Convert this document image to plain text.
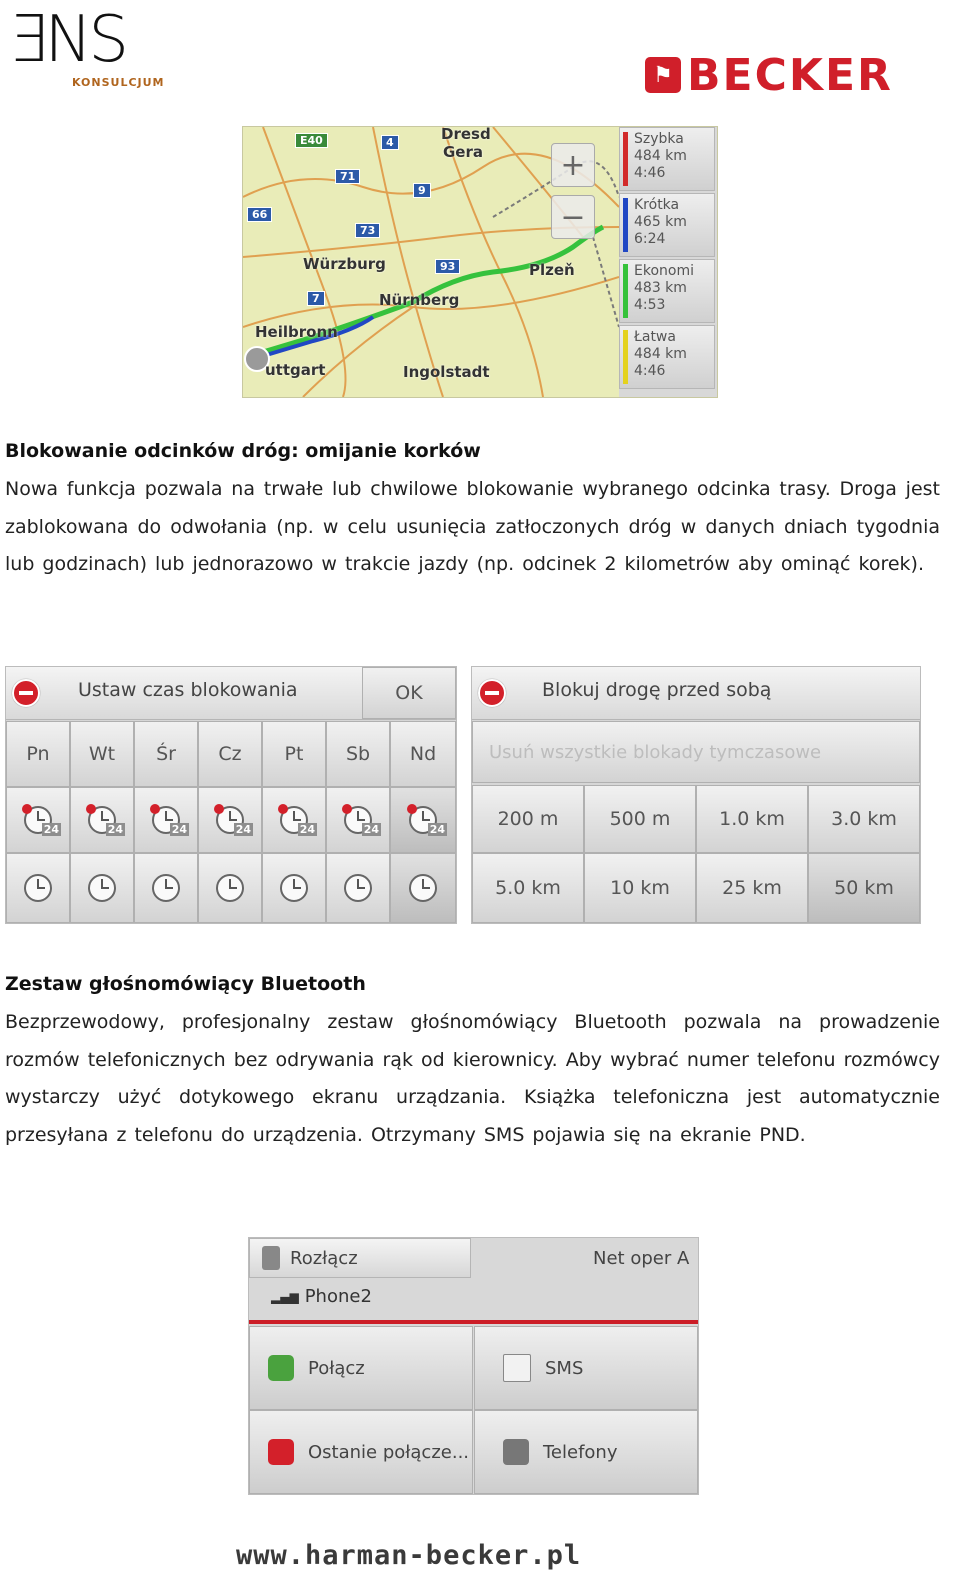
ƎNS
KONSULCJUM	⚑ BECKER
Dresd
Gera
Würzburg
Nürnberg
Plzeň
Heilbronn
uttgart	Ingolstadt
E40	4
71
9
73
66
93
7
+
−
Szybka
484 km
4:46
Krótka
465 km
6:24
Ekonomi
483 km
4:53
Łatwa
484 km
4:46
Blokowanie odcinków dróg: omijanie korków
Nowa funkcja pozwala na trwałe lub chwilowe blokowanie wybranego odcinka trasy. Droga jest zablokowana do odwołania (np. w celu usunięcia zatłoczonych dróg w danych dniach tygodnia lub godzinach) lub jednorazowo w trakcie jazdy (np. odcinek 2 kilometrów aby ominąć korek).
Ustaw czas blokowania	OK
Pn	Wt	Śr	Cz	Pt	Sb	Nd
24	24	24	24	24	24	24
Blokuj drogę przed sobą
Usuń wszystkie blokady tymczasowe
200 m	500 m	1.0 km	3.0 km
5.0 km	10 km	25 km	50 km
Zestaw głośnomówiący Bluetooth
Bezprzewodowy, profesjonalny zestaw głośnomówiący Bluetooth pozwala na prowadzenie rozmów telefonicznych bez odrywania rąk od kierownicy. Aby wybrać numer telefonu rozmówcy wystarczy użyć dotykowego ekranu urządzania. Książka telefoniczna jest automatycznie przesyłana z telefonu do urządzenia. Otrzymany SMS pojawia się na ekranie PND.
Rozłącz	Net oper A
▂▄▆ Phone2
Połącz	SMS
Ostanie połącze...	Telefony
www.harman-becker.pl
